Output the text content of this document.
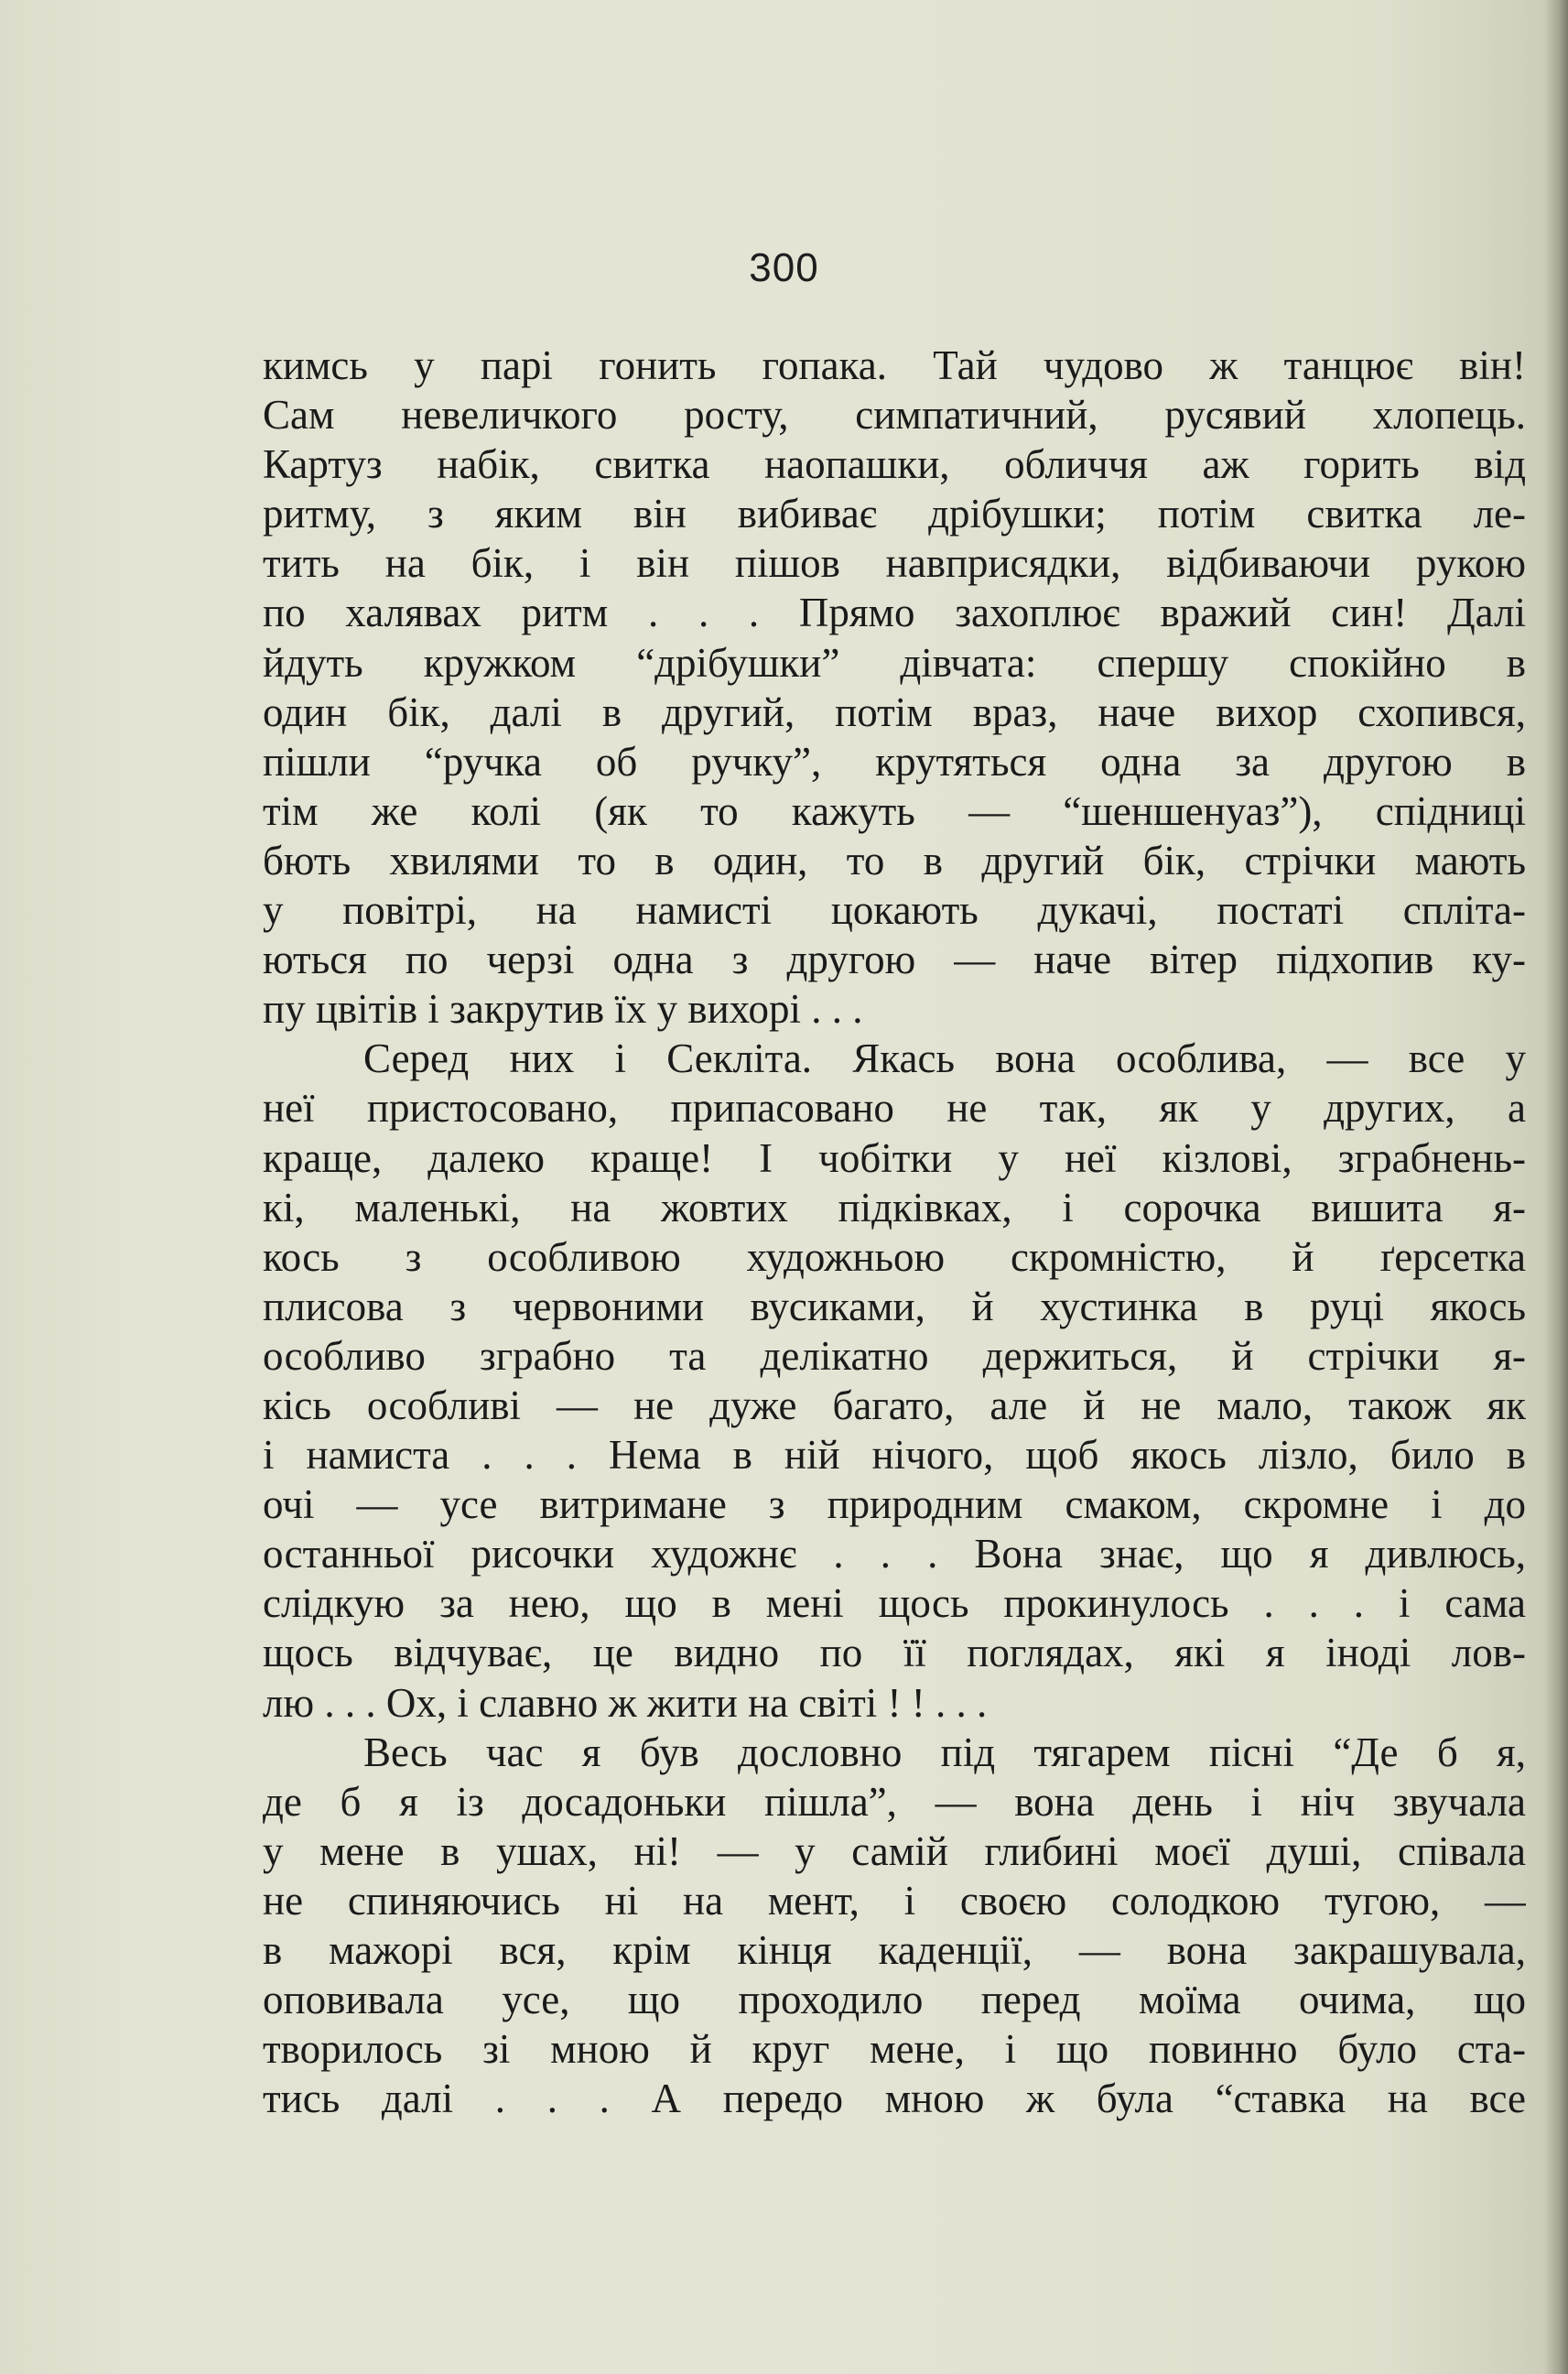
300
кимсь у парі гонить гопака. Тай чудово ж танцює він!
Сам невеличкого росту, симпатичний, русявий хлопець.
Картуз набік, свитка наопашки, обличчя аж горить від
ритму, з яким він вибиває дрібушки; потім свитка ле-
тить на бік, і він пішов навприсядки, відбиваючи рукою
по халявах ритм . . . Прямо захоплює вражий син! Далі
йдуть кружком “дрібушки” дівчата: спершу спокійно в
один бік, далі в другий, потім враз, наче вихор схопився,
пішли “ручка об ручку”, крутяться одна за другою в
тім же колі (як то кажуть — “шеншенуаз”), спідниці
бють хвилями то в один, то в другий бік, стрічки мають
у повітрі, на намисті цокають дукачі, постаті спліта-
ються по черзі одна з другою — наче вітер підхопив ку-
пу цвітів і закрутив їх у вихорі . . .
Серед них і Секліта. Якась вона особлива, — все у
неї пристосовано, припасовано не так, як у других, а
краще, далеко краще! І чобітки у неї кізлові, зграбнень-
кі, маленькі, на жовтих підківках, і сорочка вишита я-
кось з особливою художньою скромністю, й ґерсетка
плисова з червоними вусиками, й хустинка в руці якось
особливо зграбно та делікатно держиться, й стрічки я-
кісь особливі — не дуже багато, але й не мало, також як
і намиста . . . Нема в ній нічого, щоб якось лізло, било в
очі — усе витримане з природним смаком, скромне і до
останньої рисочки художнє . . . Вона знає, що я дивлюсь,
слідкую за нею, що в мені щось прокинулось . . . і сама
щось відчуває, це видно по її поглядах, які я іноді лов-
лю . . . Ох, і славно ж жити на світі ! ! . . .
Весь час я був дословно під тягарем пісні “Де б я,
де б я із досадоньки пішла”, — вона день і ніч звучала
у мене в ушах, ні! — у самій глибині моєї душі, співала
не спиняючись ні на мент, і своєю солодкою тугою, —
в мажорі вся, крім кінця каденції, — вона закрашувала,
оповивала усе, що проходило перед моїма очима, що
творилось зі мною й круг мене, і що повинно було ста-
тись далі . . . А передо мною ж була “ставка на все
